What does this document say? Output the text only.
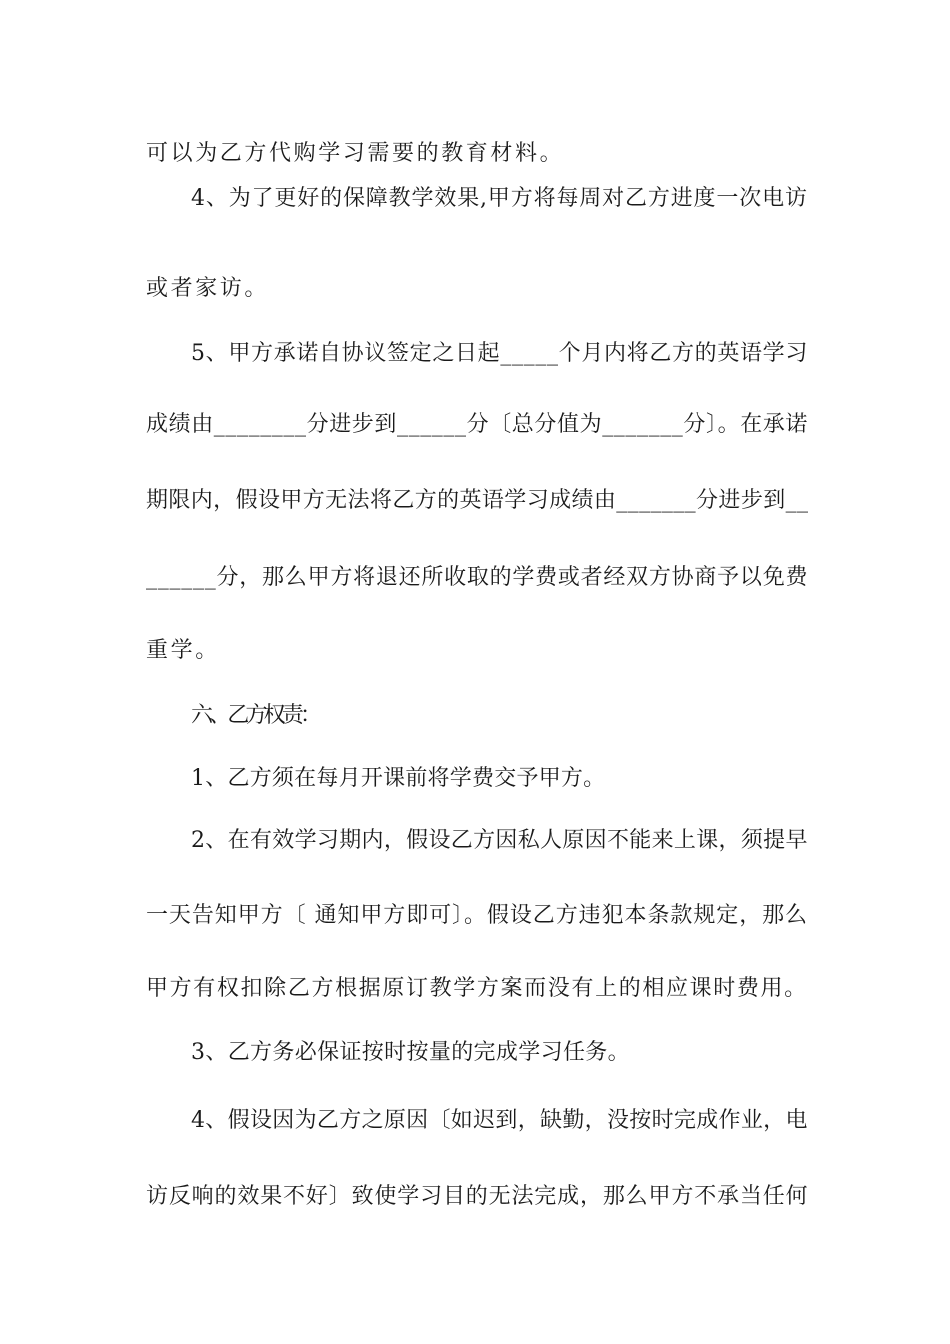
可以为乙方代购学习需要的教育材料。
4、为了更好的保障教学效果,甲方将每周对乙方进度一次电访
或者家访。
5、甲方承诺自协议签定之日起_____个月内将乙方的英语学习
成绩由________分进步到______分〔总分值为_______分〕。在承诺
期限内，假设甲方无法将乙方的英语学习成绩由_______分进步到__
______分，那么甲方将退还所收取的学费或者经双方协商予以免费
重学。
六、乙方权责：
1、乙方须在每月开课前将学费交予甲方。
2、在有效学习期内，假设乙方因私人原因不能来上课，须提早
一天告知甲方〔 通知甲方即可〕。假设乙方违犯本条款规定，那么
甲方有权扣除乙方根据原订教学方案而没有上的相应课时费用。
3、乙方务必保证按时按量的完成学习任务。
4、假设因为乙方之原因〔如迟到，缺勤，没按时完成作业，电
访反响的效果不好〕致使学习目的无法完成，那么甲方不承当任何
